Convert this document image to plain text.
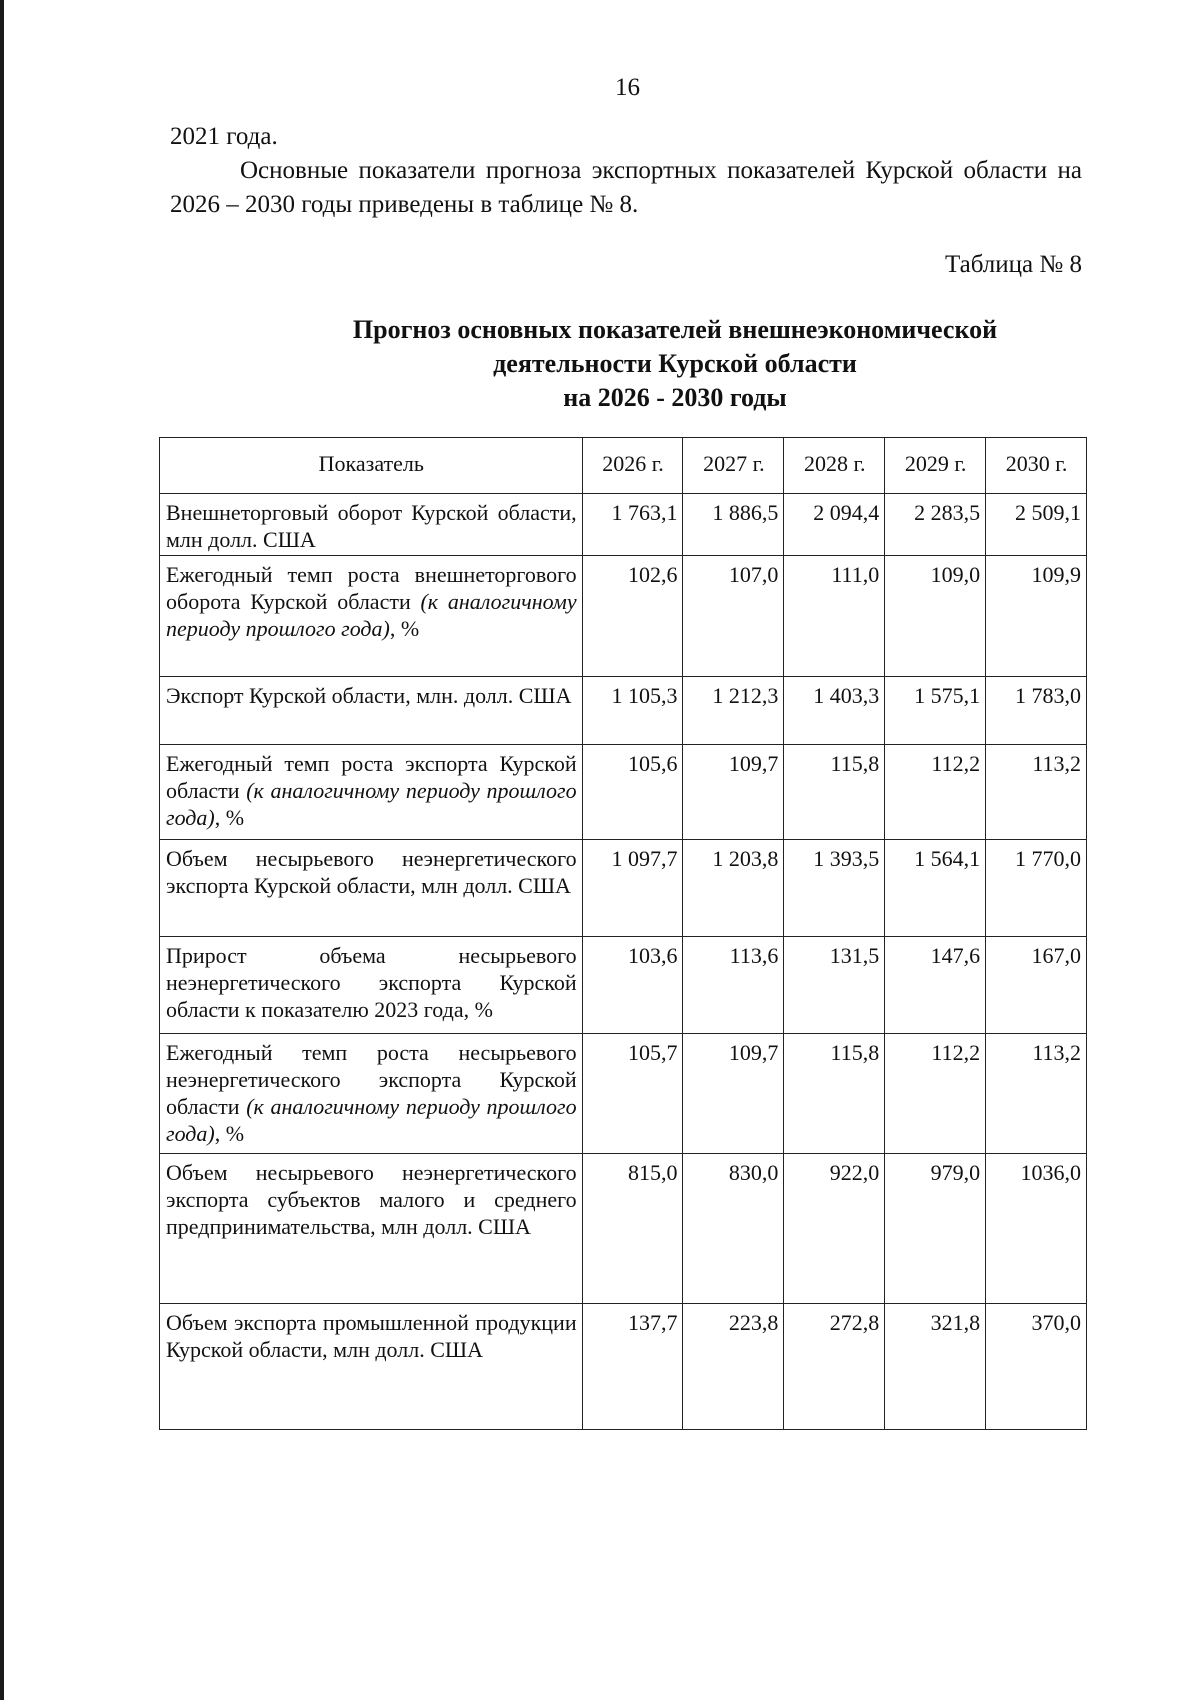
16
2021 года.
Основные показатели прогноза экспортных показателей Курской области на 2026 – 2030 годы приведены в таблице № 8.
Таблица № 8
Прогноз основных показателей внешнеэкономической
деятельности Курской области
на 2026 - 2030 годы
Показатель	2026 г.	2027 г.	2028 г.	2029 г.	2030 г.
Внешнеторговый оборот Курской области, млн долл. США	1 763,1	1 886,5	2 094,4	2 283,5	2 509,1
Ежегодный темп роста внешнеторгового оборота Курской области (к аналогичному периоду прошлого года), %	102,6	107,0	111,0	109,0	109,9
Экспорт Курской области, млн. долл. США	1 105,3	1 212,3	1 403,3	1 575,1	1 783,0
Ежегодный темп роста экспорта Курской области (к аналогичному периоду прошлого года), %	105,6	109,7	115,8	112,2	113,2
Объем несырьевого неэнергетического экспорта Курской области, млн долл. США	1 097,7	1 203,8	1 393,5	1 564,1	1 770,0
Прирост объема несырьевого неэнергетического экспорта Курской области к показателю 2023 года, %	103,6	113,6	131,5	147,6	167,0
Ежегодный темп роста несырьевого неэнергетического экспорта Курской области (к аналогичному периоду прошлого года), %	105,7	109,7	115,8	112,2	113,2
Объем несырьевого неэнергетического экспорта субъектов малого и среднего предпринимательства, млн долл. США	815,0	830,0	922,0	979,0	1036,0
Объем экспорта промышленной продукции Курской области, млн долл. США	137,7	223,8	272,8	321,8	370,0
